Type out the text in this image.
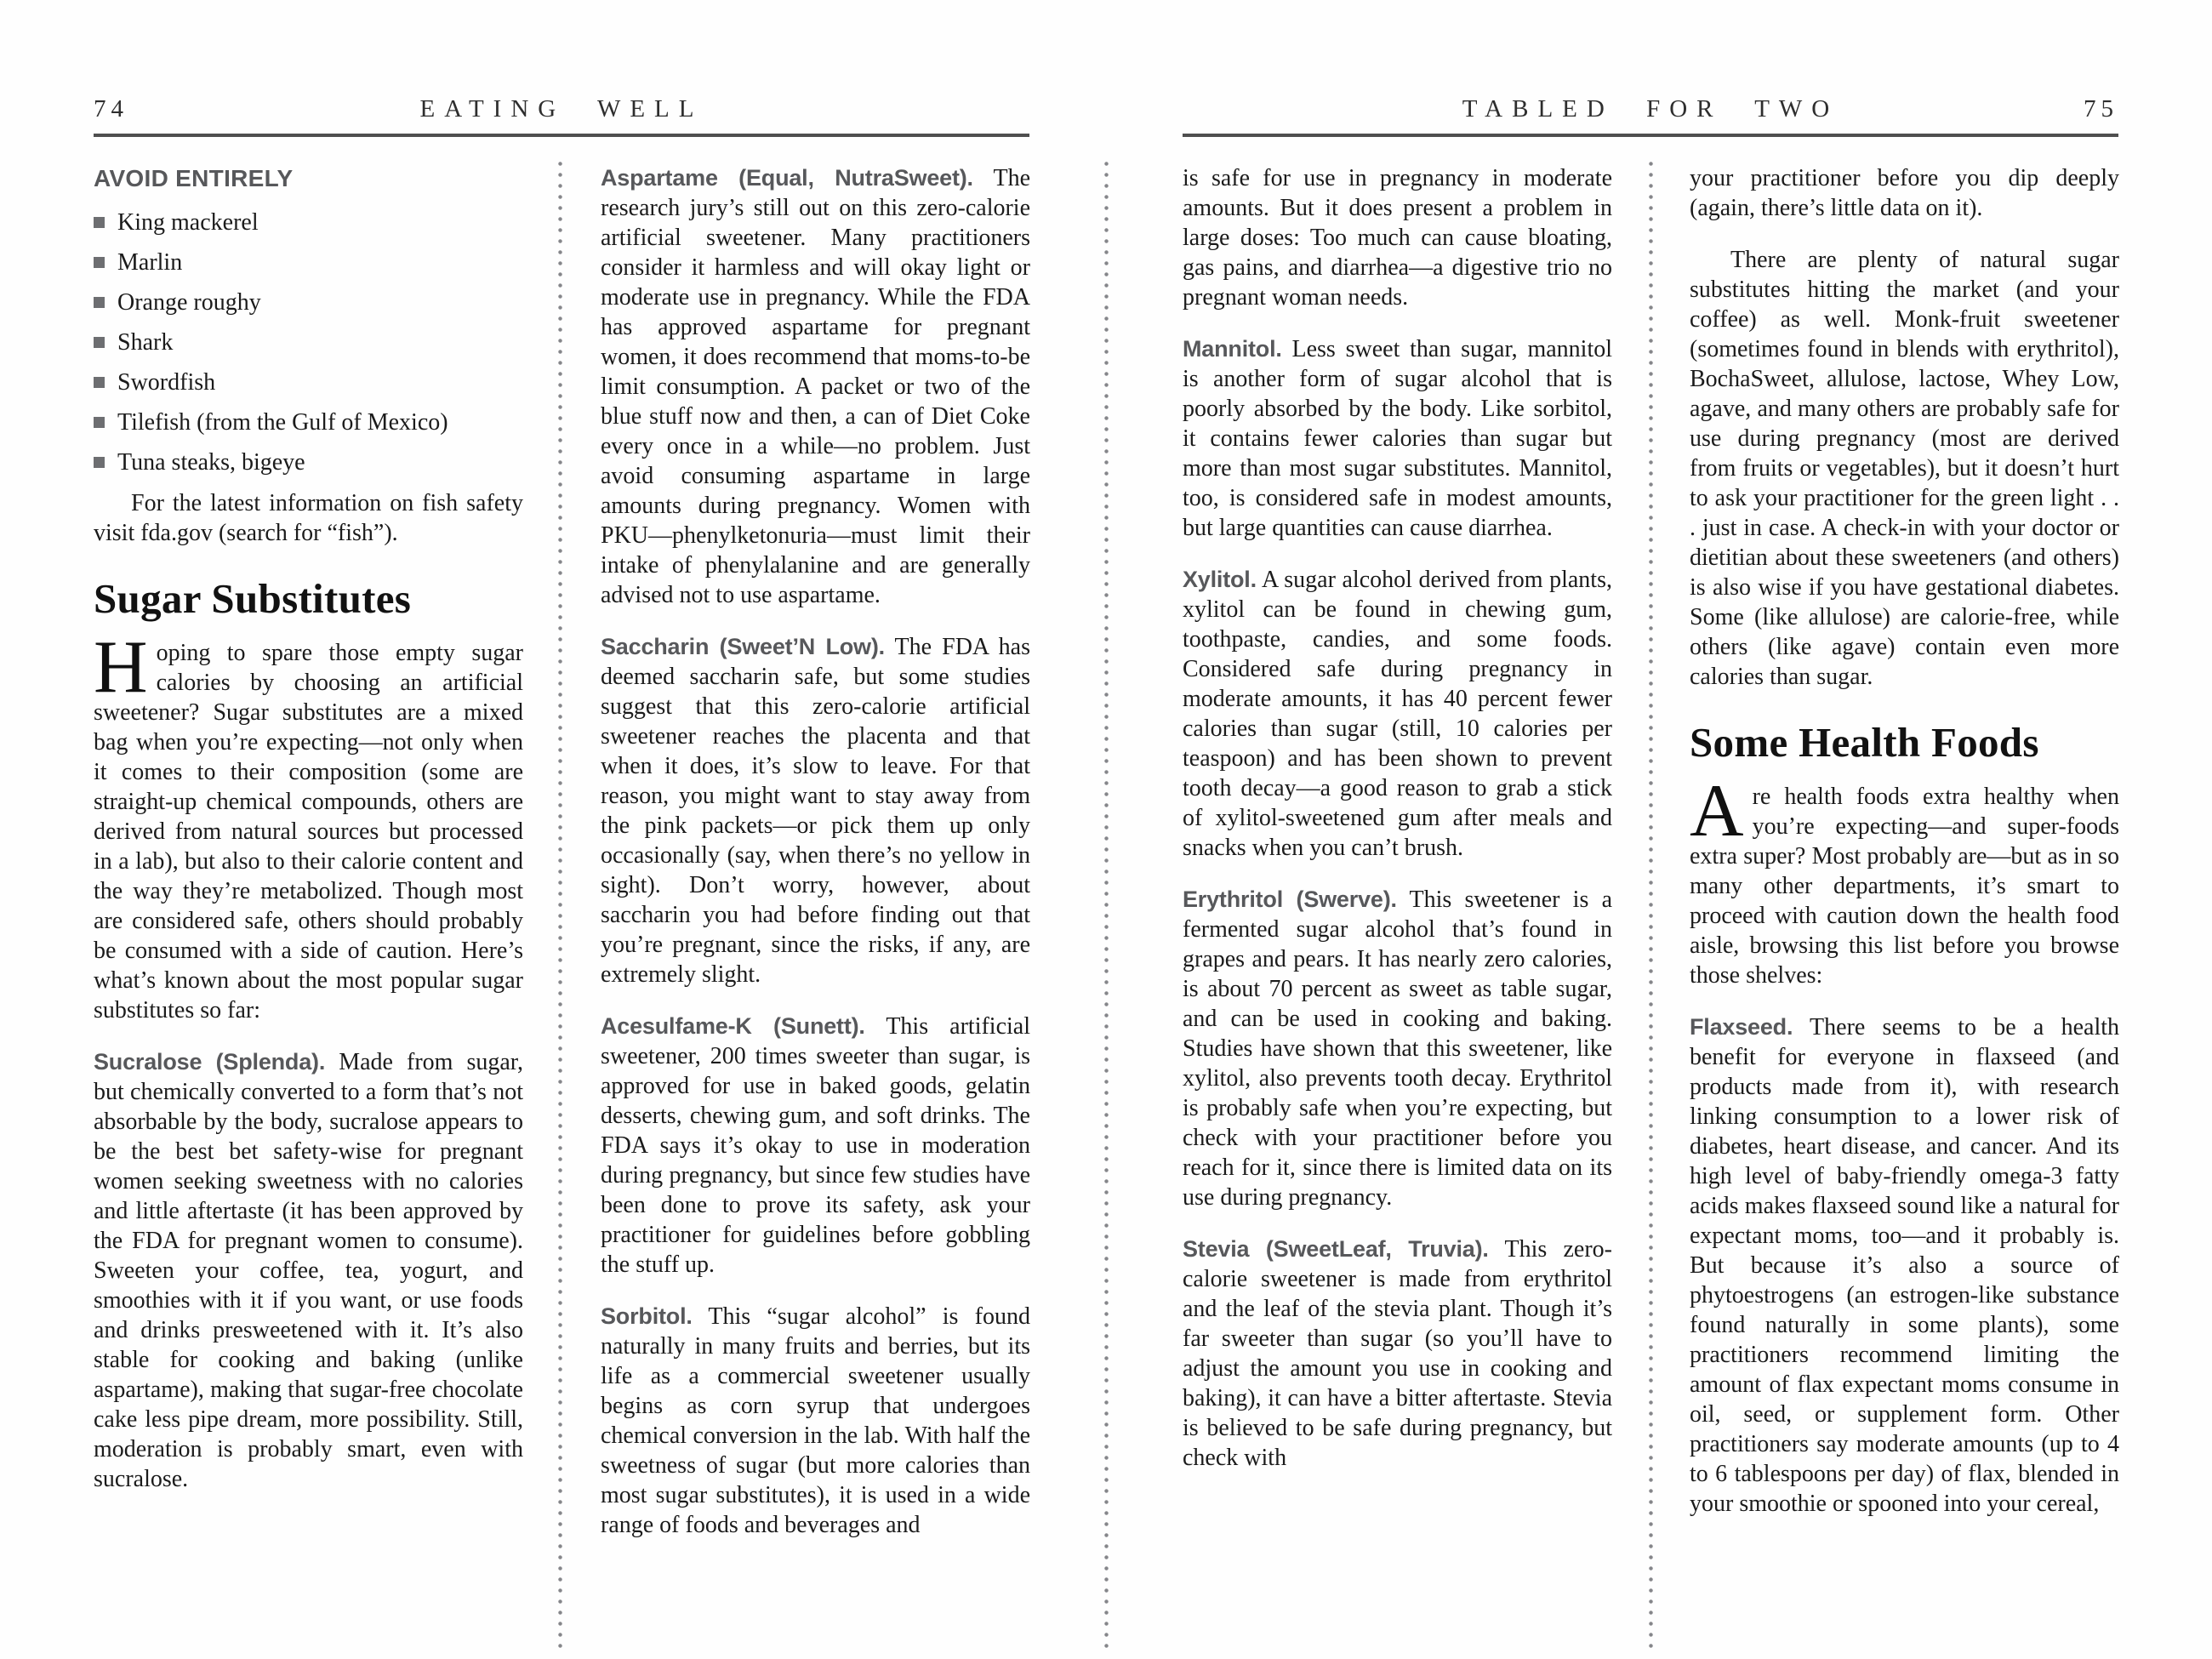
74	EATING WELL	TABLED FOR TWO	75
AVOID ENTIRELY
King mackerel
Marlin
Orange roughy
Shark
Swordfish
Tilefish (from the Gulf of Mexico)
Tuna steaks, bigeye

For the latest information on fish safety visit fda.gov (search for “fish”).

Sugar Substitutes

Hoping to spare those empty sugar calories by choosing an artificial sweetener? Sugar substitutes are a mixed bag when you’re expecting—not only when it comes to their composition (some are straight-up chemical compounds, others are derived from natural sources but processed in a lab), but also to their calorie content and the way they’re metabolized. Though most are considered safe, others should probably be consumed with a side of caution. Here’s what’s known about the most popular sugar substitutes so far:

Sucralose (Splenda). Made from sugar, but chemically converted to a form that’s not absorbable by the body, sucralose appears to be the best bet safety-wise for pregnant women seeking sweetness with no calories and little aftertaste (it has been approved by the FDA for pregnant women to consume). Sweeten your coffee, tea, yogurt, and smoothies with it if you want, or use foods and drinks presweetened with it. It’s also stable for cooking and baking (unlike aspartame), making that sugar-free chocolate cake less pipe dream, more possibility. Still, moderation is probably smart, even with sucralose.

Aspartame (Equal, NutraSweet). The research jury’s still out on this zero-calorie artificial sweetener. Many practitioners consider it harmless and will okay light or moderate use in pregnancy. While the FDA has approved aspartame for pregnant women, it does recommend that moms-to-be limit consumption. A packet or two of the blue stuff now and then, a can of Diet Coke every once in a while—no problem. Just avoid consuming aspartame in large amounts during pregnancy. Women with PKU—phenylketonuria—must limit their intake of phenylalanine and are generally advised not to use aspartame.

Saccharin (Sweet’N Low). The FDA has deemed saccharin safe, but some studies suggest that this zero-calorie artificial sweetener reaches the placenta and that when it does, it’s slow to leave. For that reason, you might want to stay away from the pink packets—or pick them up only occasionally (say, when there’s no yellow in sight). Don’t worry, however, about saccharin you had before finding out that you’re pregnant, since the risks, if any, are extremely slight.

Acesulfame-K (Sunett). This artificial sweetener, 200 times sweeter than sugar, is approved for use in baked goods, gelatin desserts, chewing gum, and soft drinks. The FDA says it’s okay to use in moderation during pregnancy, but since few studies have been done to prove its safety, ask your practitioner for guidelines before gobbling the stuff up.

Sorbitol. This “sugar alcohol” is found naturally in many fruits and berries, but its life as a commercial sweetener usually begins as corn syrup that undergoes chemical conversion in the lab. With half the sweetness of sugar (but more calories than most sugar substitutes), it is used in a wide range of foods and beverages and

is safe for use in pregnancy in moderate amounts. But it does present a problem in large doses: Too much can cause bloating, gas pains, and diarrhea—a digestive trio no pregnant woman needs.

Mannitol. Less sweet than sugar, mannitol is another form of sugar alcohol that is poorly absorbed by the body. Like sorbitol, it contains fewer calories than sugar but more than most sugar substitutes. Mannitol, too, is considered safe in modest amounts, but large quantities can cause diarrhea.

Xylitol. A sugar alcohol derived from plants, xylitol can be found in chewing gum, toothpaste, candies, and some foods. Considered safe during pregnancy in moderate amounts, it has 40 percent fewer calories than sugar (still, 10 calories per teaspoon) and has been shown to prevent tooth decay—a good reason to grab a stick of xylitol-sweetened gum after meals and snacks when you can’t brush.

Erythritol (Swerve). This sweetener is a fermented sugar alcohol that’s found in grapes and pears. It has nearly zero calories, is about 70 percent as sweet as table sugar, and can be used in cooking and baking. Studies have shown that this sweetener, like xylitol, also prevents tooth decay. Erythritol is probably safe when you’re expecting, but check with your practitioner before you reach for it, since there is limited data on its use during pregnancy.

Stevia (SweetLeaf, Truvia). This zero-calorie sweetener is made from erythritol and the leaf of the stevia plant. Though it’s far sweeter than sugar (so you’ll have to adjust the amount you use in cooking and baking), it can have a bitter aftertaste. Stevia is believed to be safe during pregnancy, but check with

your practitioner before you dip deeply (again, there’s little data on it).

There are plenty of natural sugar substitutes hitting the market (and your coffee) as well. Monk-fruit sweetener (sometimes found in blends with erythritol), BochaSweet, allulose, lactose, Whey Low, agave, and many others are probably safe for use during pregnancy (most are derived from fruits or vegetables), but it doesn’t hurt to ask your practitioner for the green light . . . just in case. A check-in with your doctor or dietitian about these sweeteners (and others) is also wise if you have gestational diabetes. Some (like allulose) are calorie-free, while others (like agave) contain even more calories than sugar.

Some Health Foods

Are health foods extra healthy when you’re expecting—and super-foods extra super? Most probably are—but as in so many other departments, it’s smart to proceed with caution down the health food aisle, browsing this list before you browse those shelves:

Flaxseed. There seems to be a health benefit for everyone in flaxseed (and products made from it), with research linking consumption to a lower risk of diabetes, heart disease, and cancer. And its high level of baby-friendly omega-3 fatty acids makes flaxseed sound like a natural for expectant moms, too—and it probably is. But because it’s also a source of phytoestrogens (an estrogen-like substance found naturally in some plants), some practitioners recommend limiting the amount of flax expectant moms consume in oil, seed, or supplement form. Other practitioners say moderate amounts (up to 4 to 6 tablespoons per day) of flax, blended in your smoothie or spooned into your cereal,
